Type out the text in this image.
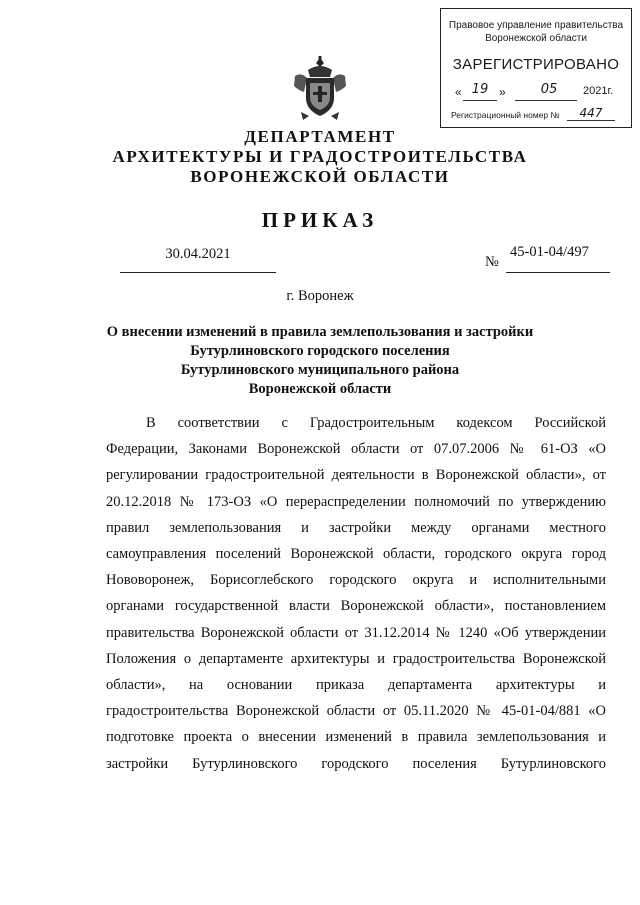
Правовое управление правительства
Воронежской области
ЗАРЕГИСТРИРОВАНО
« 19 »	05	2021г.
Регистрационный номер №	447
ДЕПАРТАМЕНТ
АРХИТЕКТУРЫ И ГРАДОСТРОИТЕЛЬСТВА
ВОРОНЕЖСКОЙ ОБЛАСТИ
ПРИКАЗ
30.04.2021	№
45-01-04/497
г. Воронеж
О внесении изменений в правила землепользования и застройки
Бутурлиновского городского поселения
Бутурлиновского муниципального района
Воронежской области
В соответствии с Градостроительным кодексом Российской
Федерации, Законами Воронежской области от 07.07.2006 № 61-ОЗ «О
регулировании градостроительной деятельности в Воронежской области», от
20.12.2018 № 173-ОЗ «О перераспределении полномочий по утверждению
правил землепользования и застройки между органами местного
самоуправления поселений Воронежской области, городского округа город
Нововоронеж, Борисоглебского городского округа и исполнительными
органами государственной власти Воронежской области», постановлением
правительства Воронежской области от 31.12.2014 № 1240 «Об утверждении
Положения о департаменте архитектуры и градостроительства Воронежской
области», на основании приказа департамента архитектуры и
градостроительства Воронежской области от 05.11.2020 № 45-01-04/881 «О
подготовке проекта о внесении изменений в правила землепользования и
застройки Бутурлиновского городского поселения Бутурлиновского
